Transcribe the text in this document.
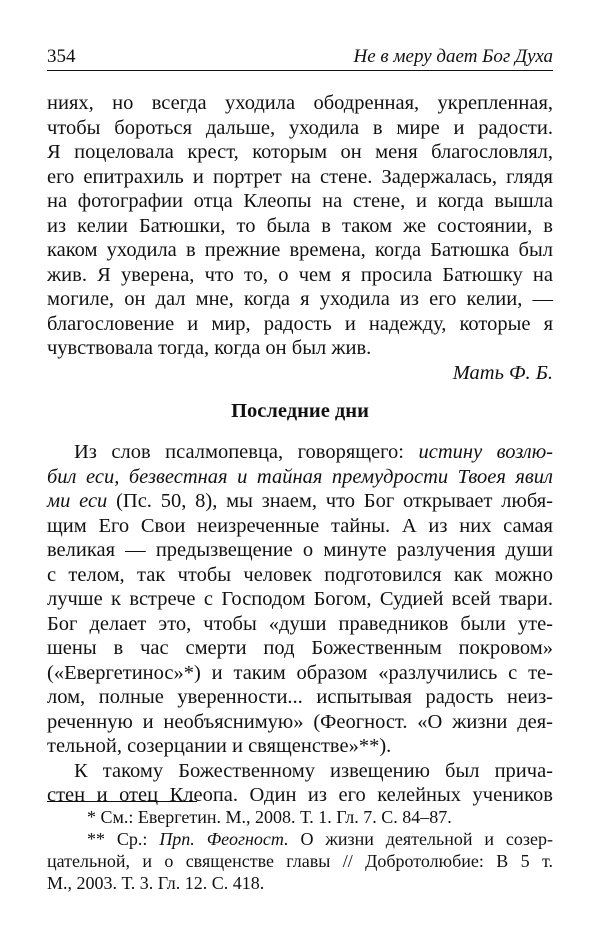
354	Не в меру дает Бог Духа
ниях, но всегда уходила ободренная, укрепленная,
чтобы бороться дальше, уходила в мире и радости.
Я поцеловала крест, которым он меня благословлял,
его епитрахиль и портрет на стене. Задержалась, глядя
на фотографии отца Клеопы на стене, и когда вышла
из келии Батюшки, то была в таком же состоянии, в
каком уходила в прежние времена, когда Батюшка был
жив. Я уверена, что то, о чем я просила Батюшку на
могиле, он дал мне, когда я уходила из его келии, —
благословение и мир, радость и надежду, которые я
чувствовала тогда, когда он был жив.
Мать Ф. Б.
Последние дни
Из слов псалмопевца, говорящего: истину возлю-
бил еси, безвестная и тайная премудрости Твоея явил
ми еси (Пс. 50, 8), мы знаем, что Бог открывает любя-
щим Его Свои неизреченные тайны. А из них самая
великая — предызвещение о минуте разлучения души
с телом, так чтобы человек подготовился как можно
лучше к встрече с Господом Богом, Судией всей твари.
Бог делает это, чтобы «души праведников были уте-
шены в час смерти под Божественным покровом»
(«Евергетинос»*) и таким образом «разлучились с те-
лом, полные уверенности... испытывая радость неиз-
реченную и необъяснимую» (Феогност. «О жизни дея-
тельной, созерцании и священстве»**).
К такому Божественному извещению был прича-
стен и отец Клеопа. Один из его келейных учеников
* См.: Евергетин. М., 2008. Т. 1. Гл. 7. С. 84–87.
** Ср.: Прп. Феогност. О жизни деятельной и созер-
цательной, и о священстве главы // Добротолюбие: В 5 т.
М., 2003. Т. 3. Гл. 12. С. 418.
